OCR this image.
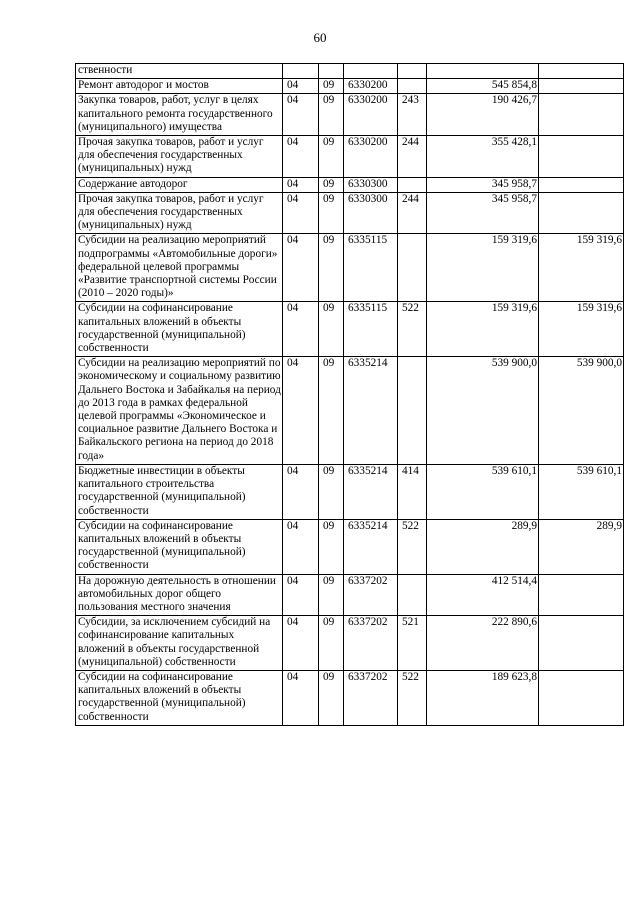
60
ственности						
Ремонт автодорог и мостов	04	09	6330200		545 854,8	
Закупка товаров, работ, услуг в целях капитального ремонта государственного (муниципального) имущества	04	09	6330200	243	190 426,7	
Прочая закупка товаров, работ и услуг для обеспечения государственных (муниципальных) нужд	04	09	6330200	244	355 428,1	
Содержание автодорог	04	09	6330300		345 958,7	
Прочая закупка товаров, работ и услуг для обеспечения государственных (муниципальных) нужд	04	09	6330300	244	345 958,7	
Субсидии на реализацию мероприятий подпрограммы «Автомобильные дороги» федеральной целевой программы «Развитие транспортной системы России (2010 – 2020 годы)»	04	09	6335115		159 319,6	159 319,6
Субсидии на софинансирование капитальных вложений в объекты государственной (муниципальной) собственности	04	09	6335115	522	159 319,6	159 319,6
Субсидии на реализацию мероприятий по экономическому и социальному развитию Дальнего Востока и Забайкалья на период до 2013 года в рамках федеральной целевой программы «Экономическое и социальное развитие Дальнего Востока и Байкальского региона на период до 2018 года»	04	09	6335214		539 900,0	539 900,0
Бюджетные инвестиции в объекты капитального строительства государственной (муниципальной) собственности	04	09	6335214	414	539 610,1	539 610,1
Субсидии на софинансирование капитальных вложений в объекты государственной (муниципальной) собственности	04	09	6335214	522	289,9	289,9
На дорожную деятельность в отношении автомобильных дорог общего пользования местного значения	04	09	6337202		412 514,4	
Субсидии, за исключением субсидий на софинансирование капитальных вложений в объекты государственной (муниципальной) собственности	04	09	6337202	521	222 890,6	
Субсидии на софинансирование капитальных вложений в объекты государственной (муниципальной) собственности	04	09	6337202	522	189 623,8	
